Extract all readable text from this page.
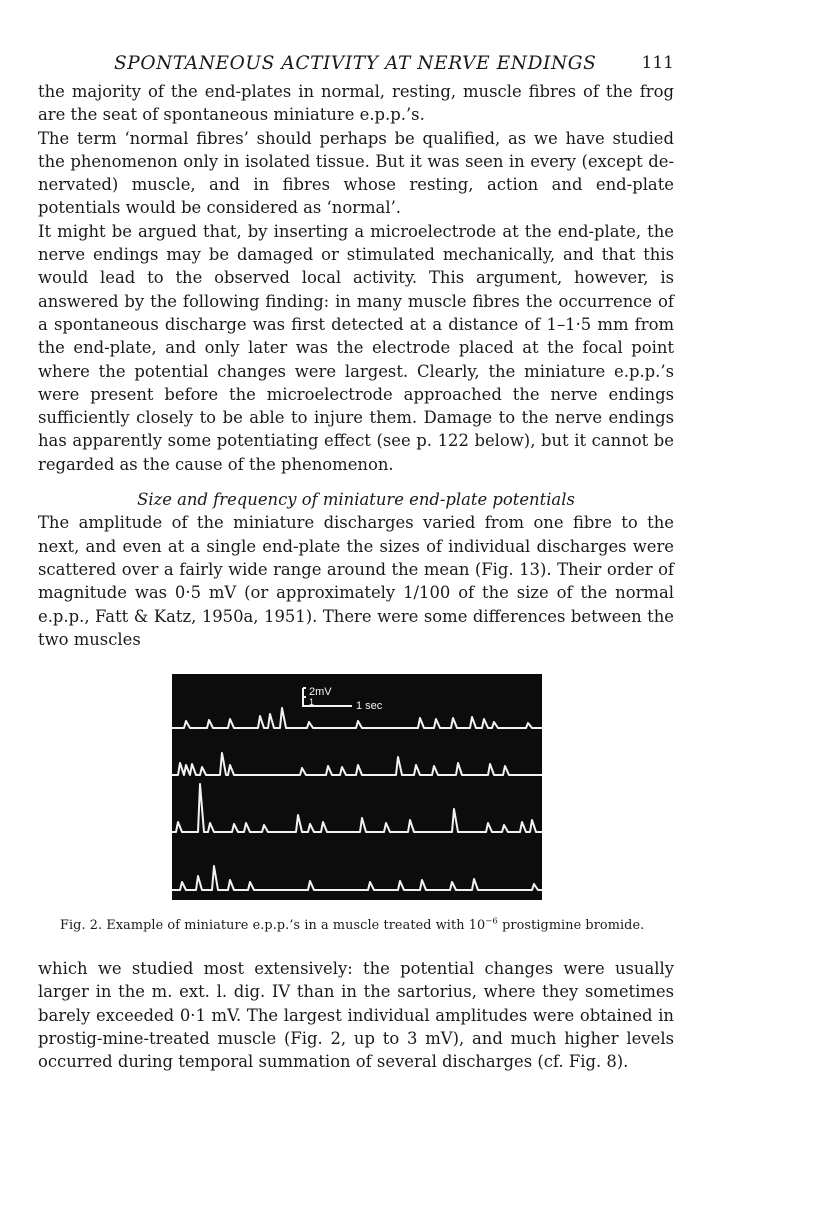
SPONTANEOUS ACTIVITY AT NERVE ENDINGS	111

the majority of the end-plates in normal, resting, muscle fibres of the frog are the seat of spontaneous miniature e.p.p.’s.

The term ‘normal fibres’ should perhaps be qualified, as we have studied the phenomenon only in isolated tissue. But it was seen in every (except de-nervated) muscle, and in fibres whose resting, action and end-plate potentials would be considered as ‘normal’.

It might be argued that, by inserting a microelectrode at the end-plate, the nerve endings may be damaged or stimulated mechanically, and that this would lead to the observed local activity. This argument, however, is answered by the following finding: in many muscle fibres the occurrence of a spontaneous discharge was first detected at a distance of 1–1·5 mm from the end-plate, and only later was the electrode placed at the focal point where the potential changes were largest. Clearly, the miniature e.p.p.’s were present before the microelectrode approached the nerve endings sufficiently closely to be able to injure them. Damage to the nerve endings has apparently some potentiating effect (see p. 122 below), but it cannot be regarded as the cause of the phenomenon.

Size and frequency of miniature end-plate potentials

The amplitude of the miniature discharges varied from one fibre to the next, and even at a single end-plate the sizes of individual discharges were scattered over a fairly wide range around the mean (Fig. 13). Their order of magnitude was 0·5 mV (or approximately 1/100 of the size of the normal e.p.p., Fatt & Katz, 1950a, 1951). There were some differences between the two muscles

2mV
1	1 sec
Fig. 2. Example of miniature e.p.p.’s in a muscle treated with $10^{-6}$ prostigmine bromide.

which we studied most extensively: the potential changes were usually larger in the m. ext. l. dig. IV than in the sartorius, where they sometimes barely exceeded 0·1 mV. The largest individual amplitudes were obtained in prostig-mine-treated muscle (Fig. 2, up to 3 mV), and much higher levels occurred during temporal summation of several discharges (cf. Fig. 8).
